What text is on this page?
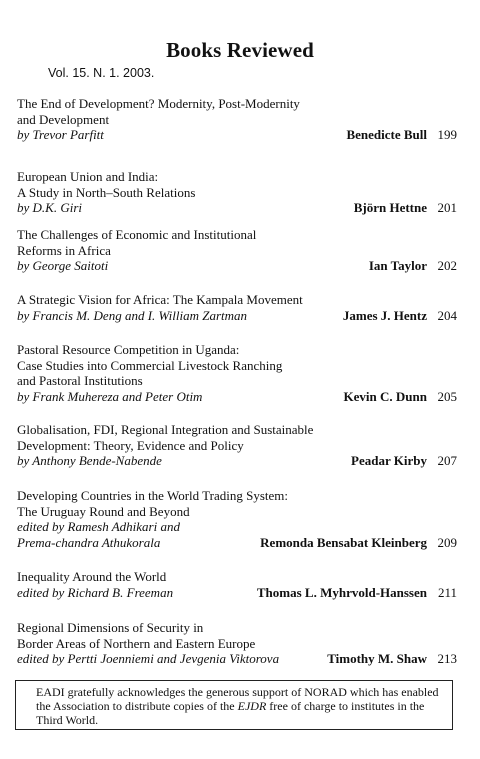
Books Reviewed
Vol. 15. N. 1. 2003.
The End of Development? Modernity, Post-Modernity
and Development
by Trevor Parfitt	Benedicte Bull 199
European Union and India:
A Study in North–South Relations
by D.K. Giri	Björn Hettne 201
The Challenges of Economic and Institutional
Reforms in Africa
by George Saitoti	Ian Taylor 202
A Strategic Vision for Africa: The Kampala Movement
by Francis M. Deng and I. William Zartman	James J. Hentz 204
Pastoral Resource Competition in Uganda:
Case Studies into Commercial Livestock Ranching
and Pastoral Institutions
by Frank Muhereza and Peter Otim	Kevin C. Dunn 205
Globalisation, FDI, Regional Integration and Sustainable
Development: Theory, Evidence and Policy
by Anthony Bende-Nabende	Peadar Kirby 207
Developing Countries in the World Trading System:
The Uruguay Round and Beyond
edited by Ramesh Adhikari and
Prema-chandra Athukorala	Remonda Bensabat Kleinberg 209
Inequality Around the World
edited by Richard B. Freeman	Thomas L. Myhrvold-Hanssen 211
Regional Dimensions of Security in
Border Areas of Northern and Eastern Europe
edited by Pertti Joenniemi and Jevgenia Viktorova	Timothy M. Shaw 213
EADI gratefully acknowledges the generous support of NORAD which has enabled the Association to distribute copies of the EJDR free of charge to institutes in the Third World.
